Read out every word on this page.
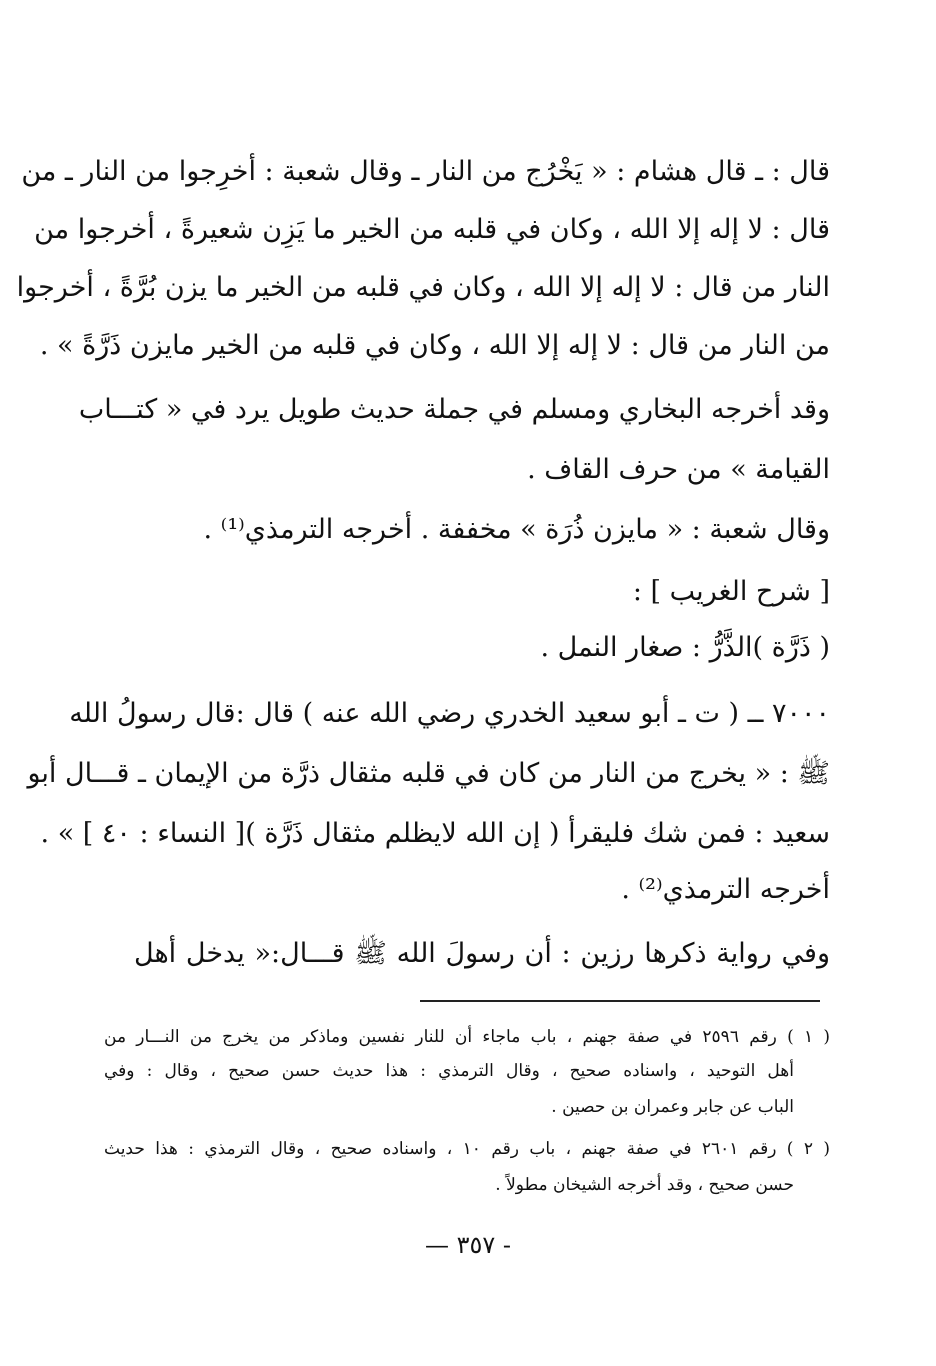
قال : ـ قال هشام : « يَخْرُج من النار ـ وقال شعبة : أخرِجوا من النار ـ من
قال : لا إله إلا الله ، وكان في قلبه من الخير ما يَزِن شعيرةً ، أخرجوا من
النار من قال : لا إله إلا الله ، وكان في قلبه من الخير ما يزن بُرَّةً ، أخرجوا
من النار من قال : لا إله إلا الله ، وكان في قلبه من الخير مايزن ذَرَّةً » .
وقد أخرجه البخاري ومسلم في جملة حديث طويل يرد في « كتـــاب
القيامة » من حرف القاف .
وقال شعبة : « مايزن ذُرَة » مخففة . أخرجه الترمذي⁽¹⁾ .
[ شرح الغريب ] :
( ذَرَّة )الذَّرُّ : صغار النمل .
٧٠٠٠ ــ ( ت ـ أبو سعيد الخدري رضي الله عنه ) قال :قال رسولُ الله
ﷺ : « يخرج من النار من كان في قلبه مثقال ذرَّة من الإيمان ـ قـــال أبو
سعيد : فمن شك فليقرأ ( إن الله لايظلم مثقال ذَرَّة )[ النساء : ٤٠ ] » .
أخرجه الترمذي⁽²⁾ .
وفي رواية ذكرها رزين : أن رسولَ الله ﷺ قـــال:« يدخل أهل
( ١ ) رقم ٢٥٩٦ في صفة جهنم ، باب ماجاء أن للنار نفسين وماذكر من يخرج من النـــار من
أهل التوحيد ، واسناده صحيح ، وقال الترمذي : هذا حديث حسن صحيح ، وقال : وفي
الباب عن جابر وعمران بن حصين .
( ٢ ) رقم ٢٦٠١ في صفة جهنم ، باب رقم ١٠ ، واسناده صحيح ، وقال الترمذي : هذا حديث
حسن صحيح ، وقد أخرجه الشيخان مطولاً .
- ٣٥٧ —
